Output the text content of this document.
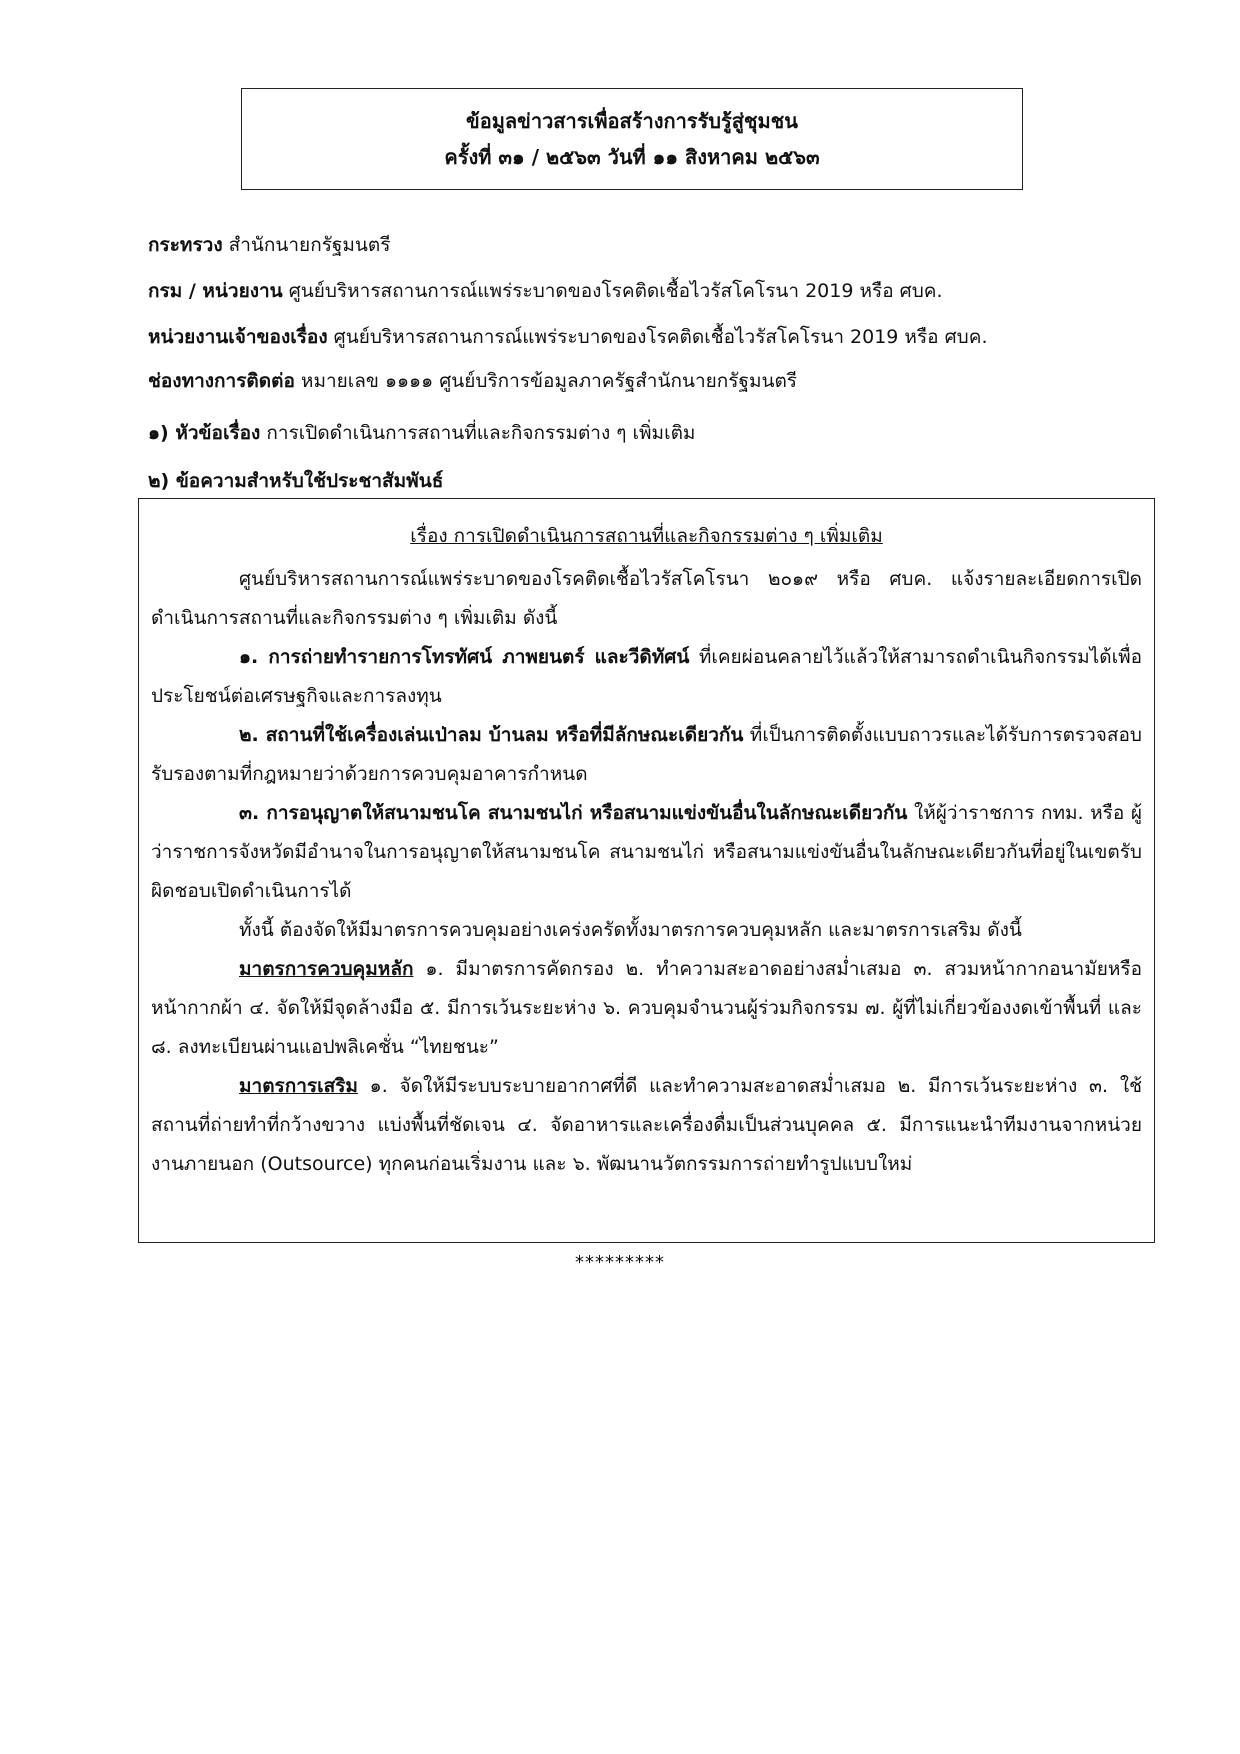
ข้อมูลข่าวสารเพื่อสร้างการรับรู้สู่ชุมชน
ครั้งที่ ๓๑ / ๒๕๖๓ วันที่ ๑๑ สิงหาคม ๒๕๖๓
กระทรวง สำนักนายกรัฐมนตรี
กรม / หน่วยงาน ศูนย์บริหารสถานการณ์แพร่ระบาดของโรคติดเชื้อไวรัสโคโรนา 2019 หรือ ศบค.
หน่วยงานเจ้าของเรื่อง ศูนย์บริหารสถานการณ์แพร่ระบาดของโรคติดเชื้อไวรัสโคโรนา 2019 หรือ ศบค.
ช่องทางการติดต่อ หมายเลข ๑๑๑๑ ศูนย์บริการข้อมูลภาครัฐสำนักนายกรัฐมนตรี
๑) หัวข้อเรื่อง การเปิดดำเนินการสถานที่และกิจกรรมต่าง ๆ เพิ่มเติม
๒) ข้อความสำหรับใช้ประชาสัมพันธ์
เรื่อง การเปิดดำเนินการสถานที่และกิจกรรมต่าง ๆ เพิ่มเติม

ศูนย์บริหารสถานการณ์แพร่ระบาดของโรคติดเชื้อไวรัสโคโรนา ๒๐๑๙ หรือ ศบค. แจ้งรายละเอียดการเปิดดำเนินการสถานที่และกิจกรรมต่าง ๆ เพิ่มเติม ดังนี้

๑. การถ่ายทำรายการโทรทัศน์ ภาพยนตร์ และวีดิทัศน์ ที่เคยผ่อนคลายไว้แล้วให้สามารถดำเนินกิจกรรมได้เพื่อประโยชน์ต่อเศรษฐกิจและการลงทุน

๒. สถานที่ใช้เครื่องเล่นเป่าลม บ้านลม หรือที่มีลักษณะเดียวกัน ที่เป็นการติดตั้งแบบถาวรและได้รับการตรวจสอบรับรองตามที่กฎหมายว่าด้วยการควบคุมอาคารกำหนด

๓. การอนุญาตให้สนามชนโค สนามชนไก่ หรือสนามแข่งขันอื่นในลักษณะเดียวกัน ให้ผู้ว่าราชการ กทม. หรือ ผู้ว่าราชการจังหวัดมีอำนาจในการอนุญาตให้สนามชนโค สนามชนไก่ หรือสนามแข่งขันอื่นในลักษณะเดียวกันที่อยู่ในเขตรับผิดชอบเปิดดำเนินการได้

ทั้งนี้ ต้องจัดให้มีมาตรการควบคุมอย่างเคร่งครัดทั้งมาตรการควบคุมหลัก และมาตรการเสริม ดังนี้

มาตรการควบคุมหลัก ๑. มีมาตรการคัดกรอง ๒. ทำความสะอาดอย่างสม่ำเสมอ ๓. สวมหน้ากากอนามัยหรือหน้ากากผ้า ๔. จัดให้มีจุดล้างมือ ๕. มีการเว้นระยะห่าง ๖. ควบคุมจำนวนผู้ร่วมกิจกรรม ๗. ผู้ที่ไม่เกี่ยวข้องงดเข้าพื้นที่ และ ๘. ลงทะเบียนผ่านแอปพลิเคชั่น “ไทยชนะ”

มาตรการเสริม ๑. จัดให้มีระบบระบายอากาศที่ดี และทำความสะอาดสม่ำเสมอ ๒. มีการเว้นระยะห่าง ๓. ใช้สถานที่ถ่ายทำที่กว้างขวาง แบ่งพื้นที่ชัดเจน ๔. จัดอาหารและเครื่องดื่มเป็นส่วนบุคคล ๕. มีการแนะนำทีมงานจากหน่วยงานภายนอก (Outsource) ทุกคนก่อนเริ่มงาน และ ๖. พัฒนานวัตกรรมการถ่ายทำรูปแบบใหม่

*********
